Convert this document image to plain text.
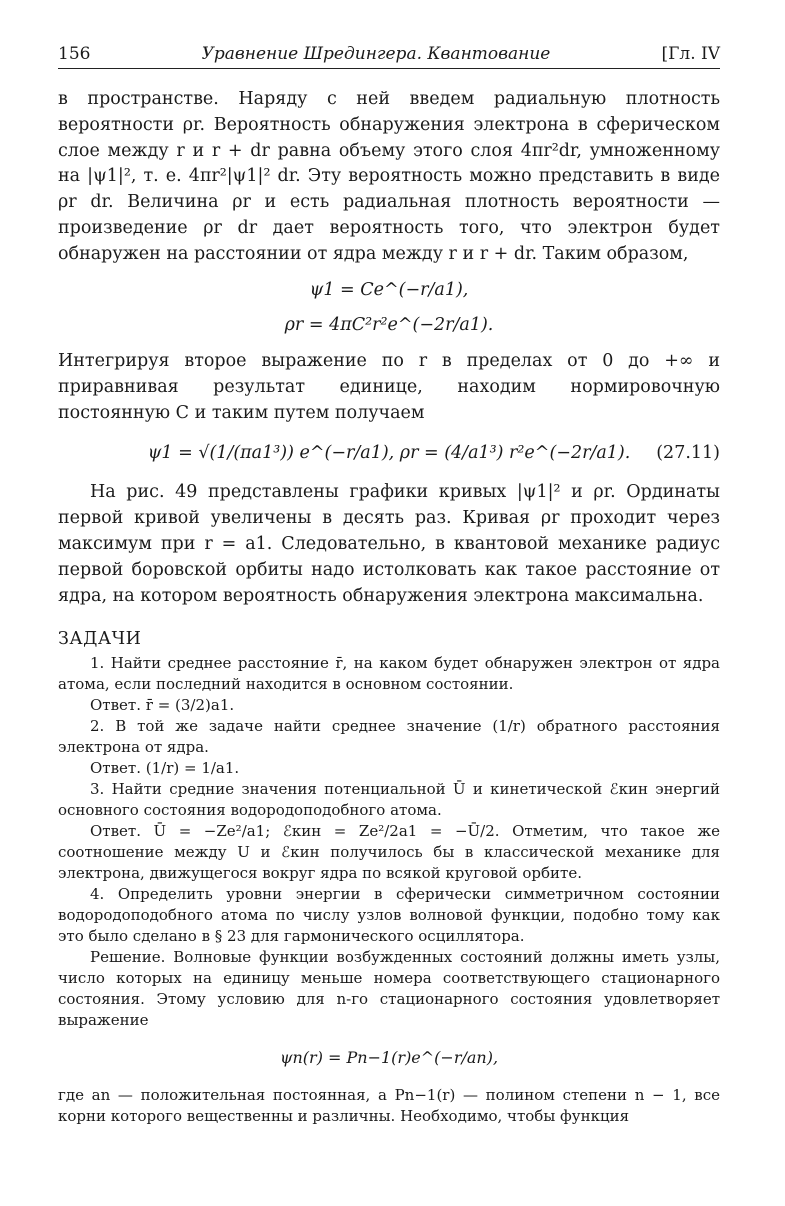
156	Уравнение Шредингера. Квантование	[Гл. IV

в пространстве. Наряду с ней введем радиальную плотность вероятности ρr. Вероятность обнаружения электрона в сферическом слое между r и r + dr равна объему этого слоя 4πr²dr, умноженному на |ψ1|², т. е. 4πr²|ψ1|² dr. Эту вероятность можно представить в виде ρr dr. Величина ρr и есть радиальная плотность вероятности — произведение ρr dr дает вероятность того, что электрон будет обнаружен на расстоянии от ядра между r и r + dr. Таким образом,

ψ1 = Ce^(−r/a1),
ρr = 4πC²r²e^(−2r/a1).

Интегрируя второе выражение по r в пределах от 0 до +∞ и приравнивая результат единице, находим нормировочную постоянную C и таким путем получаем

ψ1 = √(1/(πa1³)) e^(−r/a1), ρr = (4/a1³) r²e^(−2r/a1). (27.11)

На рис. 49 представлены графики кривых |ψ1|² и ρr. Ординаты первой кривой увеличены в десять раз. Кривая ρr проходит через максимум при r = a1. Следовательно, в квантовой механике радиус первой боровской орбиты надо истолковать как такое расстояние от ядра, на котором вероятность обнаружения электрона максимальна.

ЗАДАЧИ

1. Найти среднее расстояние r̄, на каком будет обнаружен электрон от ядра атома, если последний находится в основном состоянии.

Ответ. r̄ = (3/2)a1.

2. В той же задаче найти среднее значение (1/r) обратного расстояния электрона от ядра.

Ответ. (1/r) = 1/a1.

3. Найти средние значения потенциальной Ū и кинетической ℰкин энергий основного состояния водородоподобного атома.

Ответ. Ū = −Ze²/a1; ℰкин = Ze²/2a1 = −Ū/2. Отметим, что такое же соотношение между U и ℰкин получилось бы в классической механике для электрона, движущегося вокруг ядра по всякой круговой орбите.

4. Определить уровни энергии в сферически симметричном состоянии водородоподобного атома по числу узлов волновой функции, подобно тому как это было сделано в § 23 для гармонического осциллятора.

Решение. Волновые функции возбужденных состояний должны иметь узлы, число которых на единицу меньше номера соответствующего стационарного состояния. Этому условию для n-го стационарного состояния удовлетворяет выражение

ψn(r) = Pn−1(r)e^(−r/an),

где an — положительная постоянная, а Pn−1(r) — полином степени n − 1, все корни которого вещественны и различны. Необходимо, чтобы функция
